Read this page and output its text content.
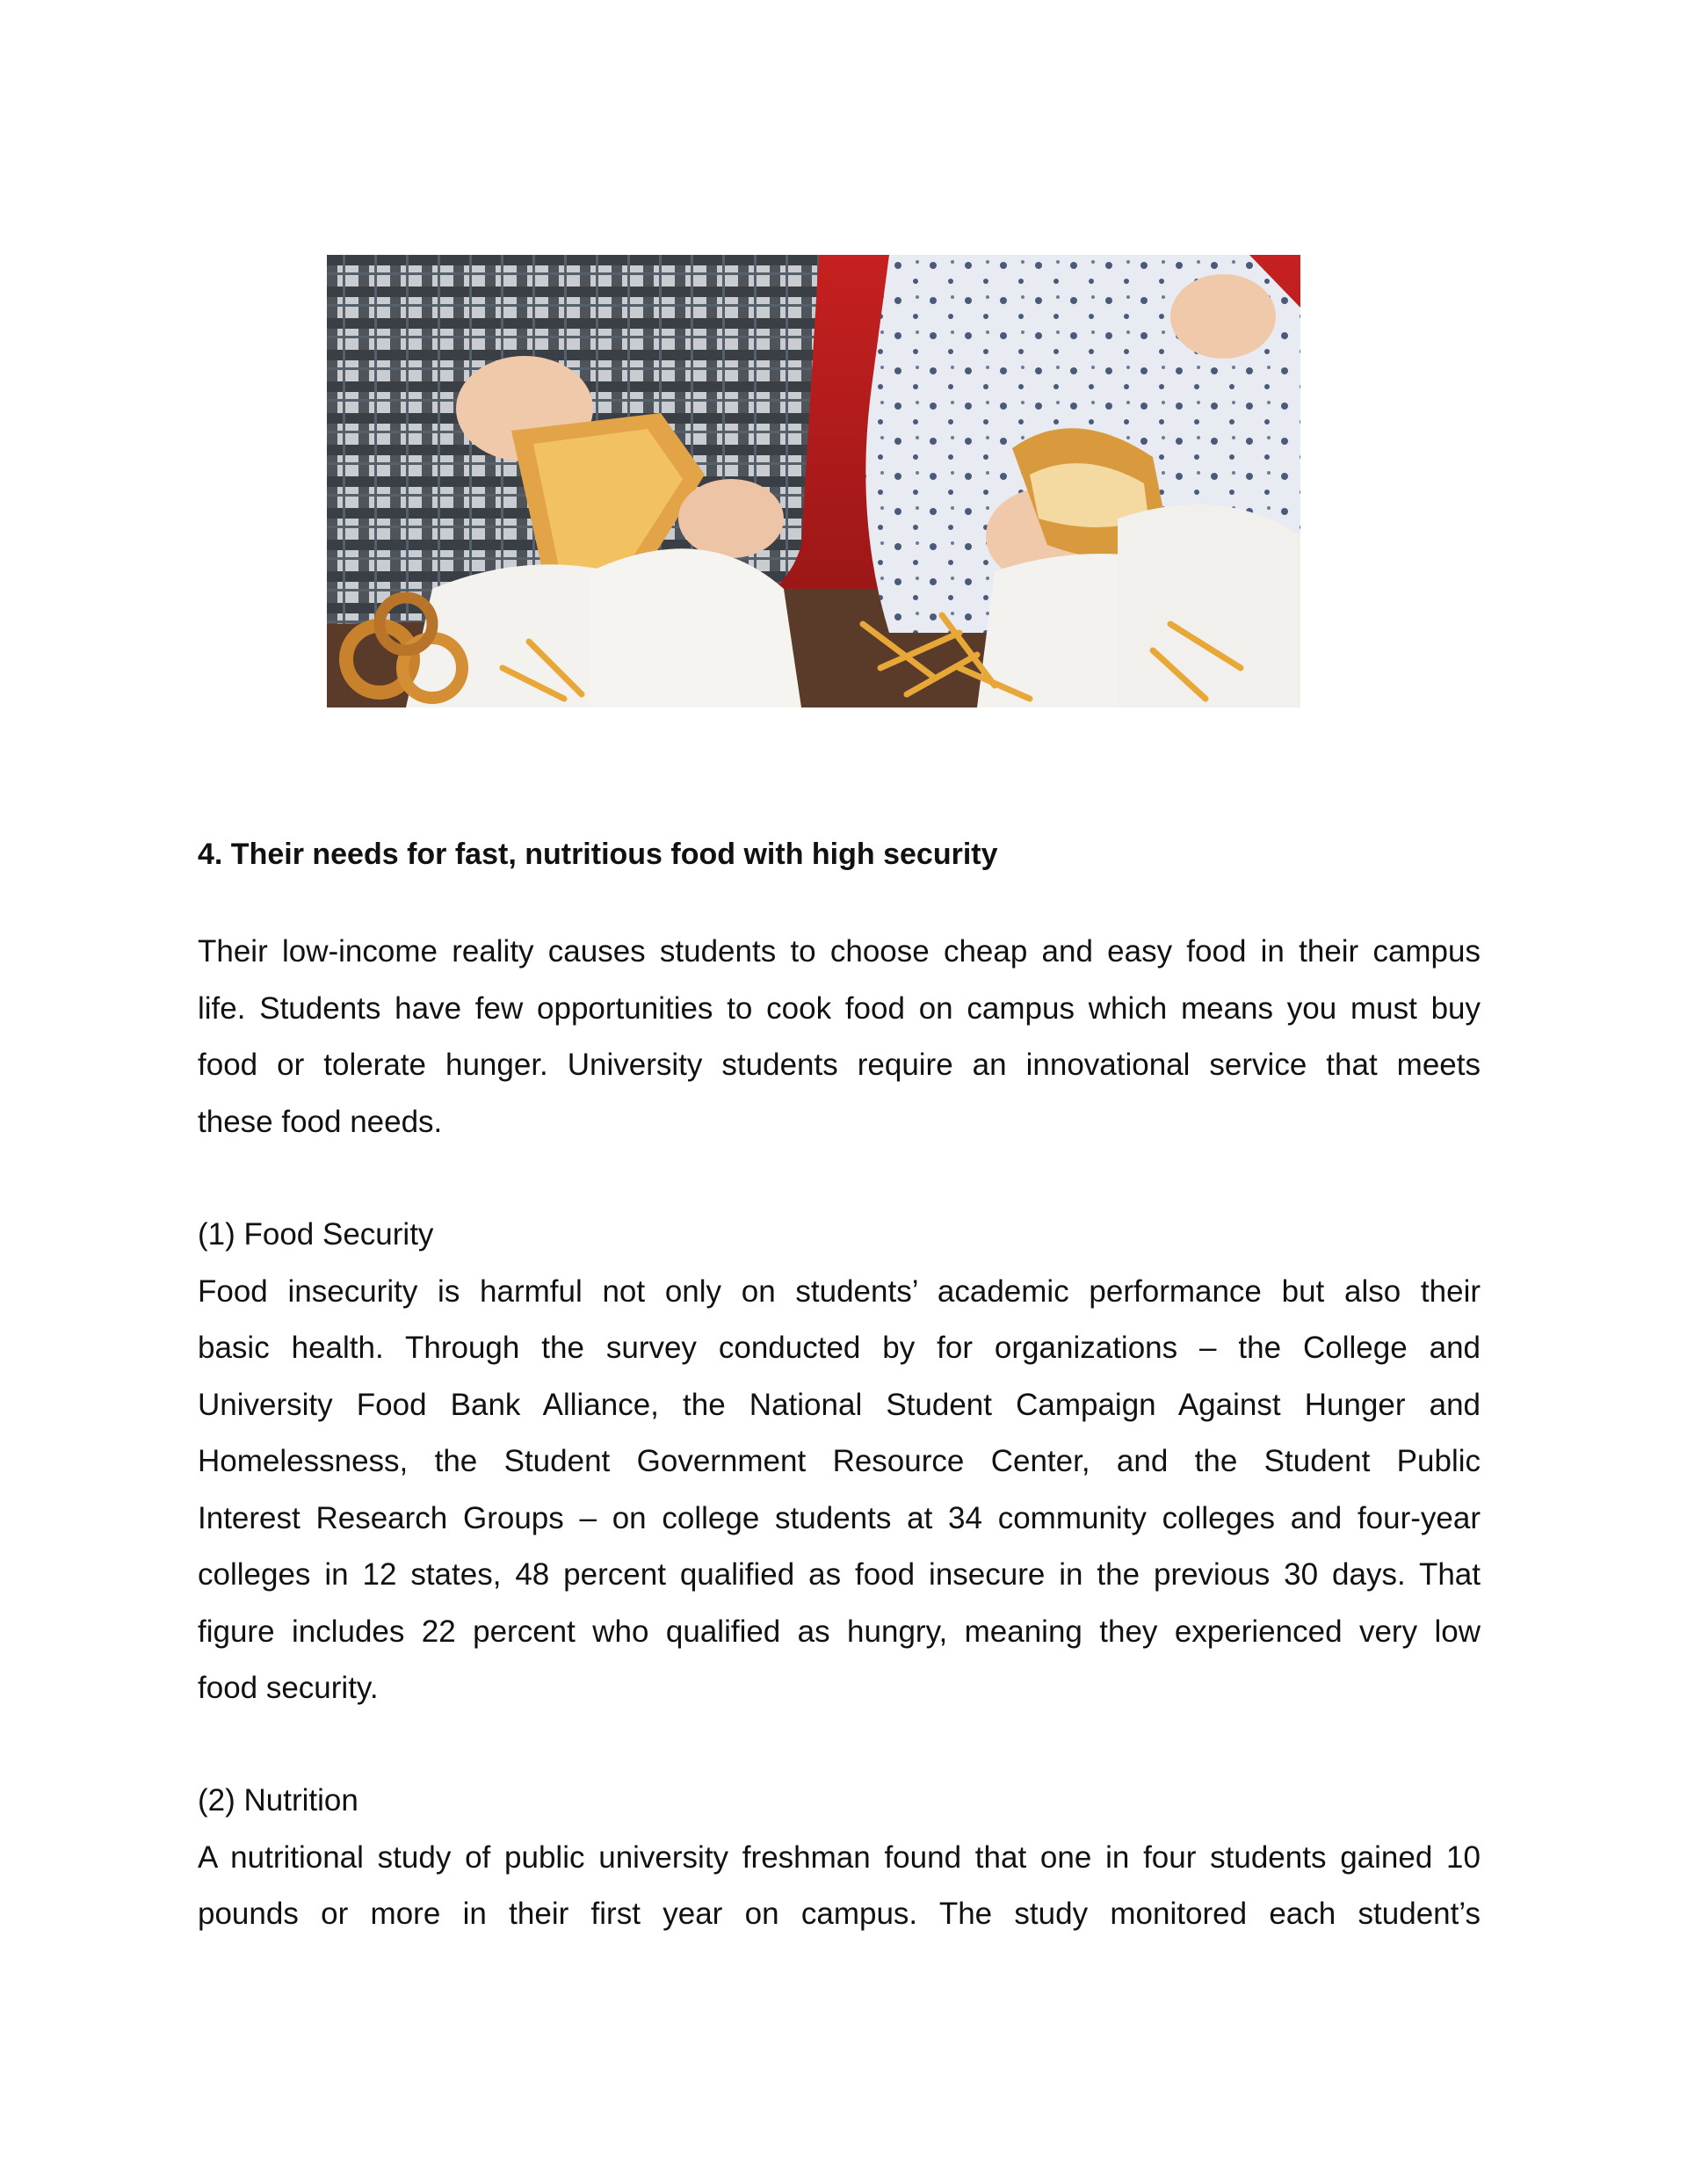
4. Their needs for fast, nutritious food with high security
Their low-income reality causes students to choose cheap and easy food in their campus
life. Students have few opportunities to cook food on campus which means you must buy
food or tolerate hunger. University students require an innovational service that meets
these food needs.

(1) Food Security

Food insecurity is harmful not only on students’ academic performance but also their
basic health. Through the survey conducted by for organizations – the College and
University Food Bank Alliance, the National Student Campaign Against Hunger and
Homelessness, the Student Government Resource Center, and the Student Public
Interest Research Groups – on college students at 34 community colleges and four-year
colleges in 12 states, 48 percent qualified as food insecure in the previous 30 days. That
figure includes 22 percent who qualified as hungry, meaning they experienced very low
food security.

(2) Nutrition

A nutritional study of public university freshman found that one in four students gained 10
pounds or more in their first year on campus. The study monitored each student’s
